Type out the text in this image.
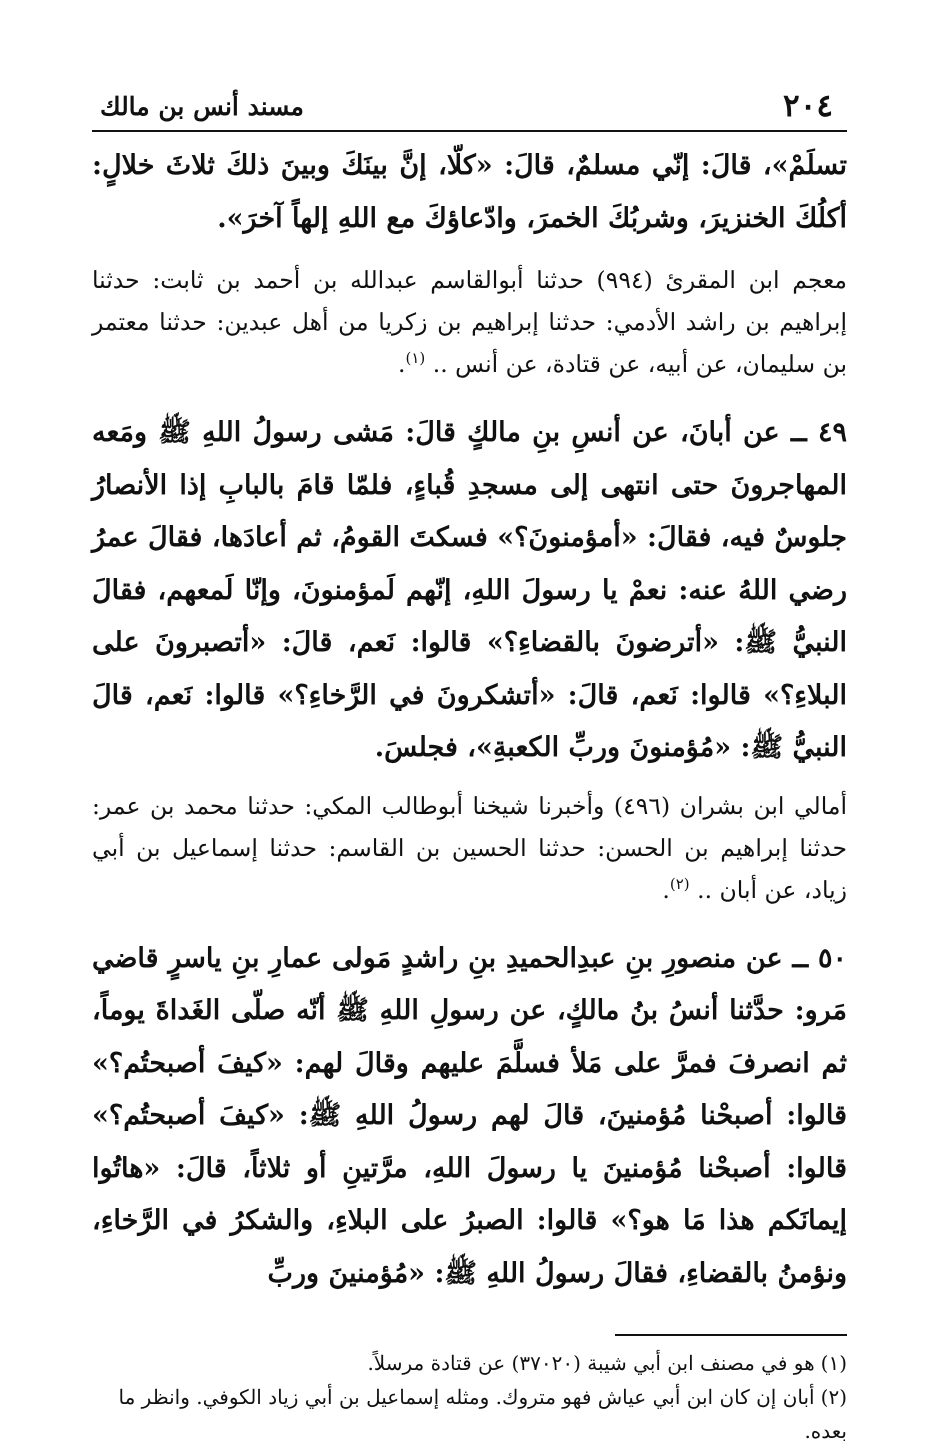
٢٠٤
مسند أنس بن مالك

تسلَمْ»، قالَ: إنّي مسلمٌ، قالَ: «كلّا، إنَّ بينَكَ وبينَ ذلكَ ثلاثَ خلالٍ: أكلُكَ الخنزيرَ، وشربُكَ الخمرَ، وادّعاؤكَ مع اللهِ إلهاً آخرَ».

معجم ابن المقرئ (٩٩٤) حدثنا أبوالقاسم عبدالله بن أحمد بن ثابت: حدثنا إبراهيم بن راشد الأدمي: حدثنا إبراهيم بن زكريا من أهل عبدين: حدثنا معتمر بن سليمان، عن أبيه، عن قتادة، عن أنس .. $^{(١)}$.

٤٩ ــ عن أبانَ، عن أنسِ بنِ مالكٍ قالَ: مَشى رسولُ اللهِ ﷺ ومَعه المهاجرونَ حتى انتهى إلى مسجدِ قُباءٍ، فلمّا قامَ بالبابِ إذا الأنصارُ جلوسٌ فيه، فقالَ: «أمؤمنونَ؟» فسكتَ القومُ، ثم أعادَها، فقالَ عمرُ رضي اللهُ عنه: نعمْ يا رسولَ اللهِ، إنّهم لَمؤمنونَ، وإنّا لَمعهم، فقالَ النبيُّ ﷺ: «أترضونَ بالقضاءِ؟» قالوا: نَعم، قالَ: «أتصبرونَ على البلاءِ؟» قالوا: نَعم، قالَ: «أتشكرونَ في الرَّخاءِ؟» قالوا: نَعم، قالَ النبيُّ ﷺ: «مُؤمنونَ وربِّ الكعبةِ»، فجلسَ.

أمالي ابن بشران (٤٩٦) وأخبرنا شيخنا أبوطالب المكي: حدثنا محمد بن عمر: حدثنا إبراهيم بن الحسن: حدثنا الحسين بن القاسم: حدثنا إسماعيل بن أبي زياد، عن أبان .. $^{(٢)}$.

٥٠ ــ عن منصورِ بنِ عبدِالحميدِ بنِ راشدٍ مَولى عمارِ بنِ ياسرٍ قاضي مَرو: حدَّثنا أنسُ بنُ مالكٍ، عن رسولِ اللهِ ﷺ أنّه صلّى الغَداةَ يوماً، ثم انصرفَ فمرَّ على مَلأ فسلَّمَ عليهم وقالَ لهم: «كيفَ أصبحتُم؟» قالوا: أصبحْنا مُؤمنينَ، قالَ لهم رسولُ اللهِ ﷺ: «كيفَ أصبحتُم؟» قالوا: أصبحْنا مُؤمنينَ يا رسولَ اللهِ، مرَّتينِ أو ثلاثاً، قالَ: «هاتُوا إيمانَكم هذا مَا هو؟» قالوا: الصبرُ على البلاءِ، والشكرُ في الرَّخاءِ، ونؤمنُ بالقضاءِ، فقالَ رسولُ اللهِ ﷺ: «مُؤمنينَ وربِّ

(١)هو في مصنف ابن أبي شيبة (٣٧٠٢٠) عن قتادة مرسلاً.
(٢)أبان إن كان ابن أبي عياش فهو متروك. ومثله إسماعيل بن أبي زياد الكوفي. وانظر ما بعده.
